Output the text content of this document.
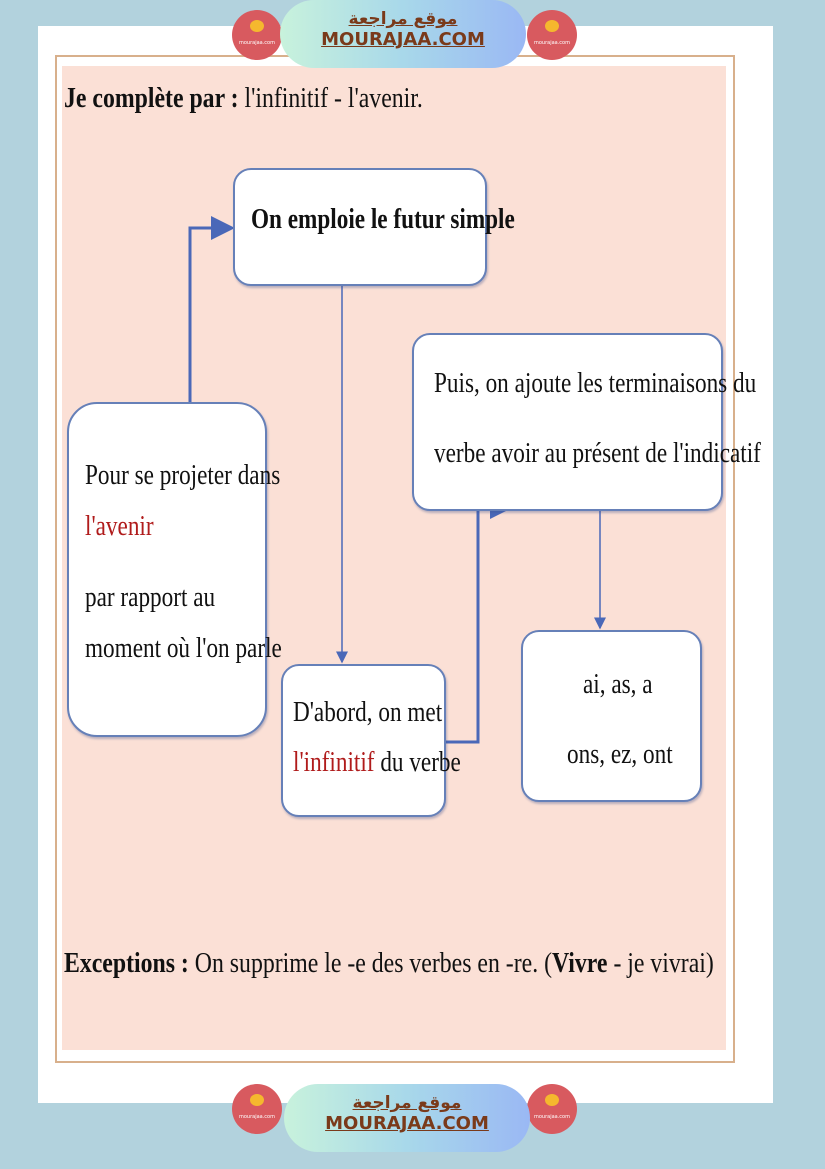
mourajaa.com	mourajaa.com
موقع مراجعة
MOURAJAA.COM
Je complète par : l'infinitif - l'avenir.
On emploie le futur simple
Pour se projeter dans
l'avenir
par rapport au
moment où l'on parle
D'abord, on met
l'infinitif du verbe
Puis, on ajoute les terminaisons du
verbe avoir au présent de l'indicatif
ai, as, a
ons, ez, ont
Exceptions : On supprime le -e des verbes en -re. (Vivre - je vivrai)
mourajaa.com	mourajaa.com
موقع مراجعة
MOURAJAA.COM
